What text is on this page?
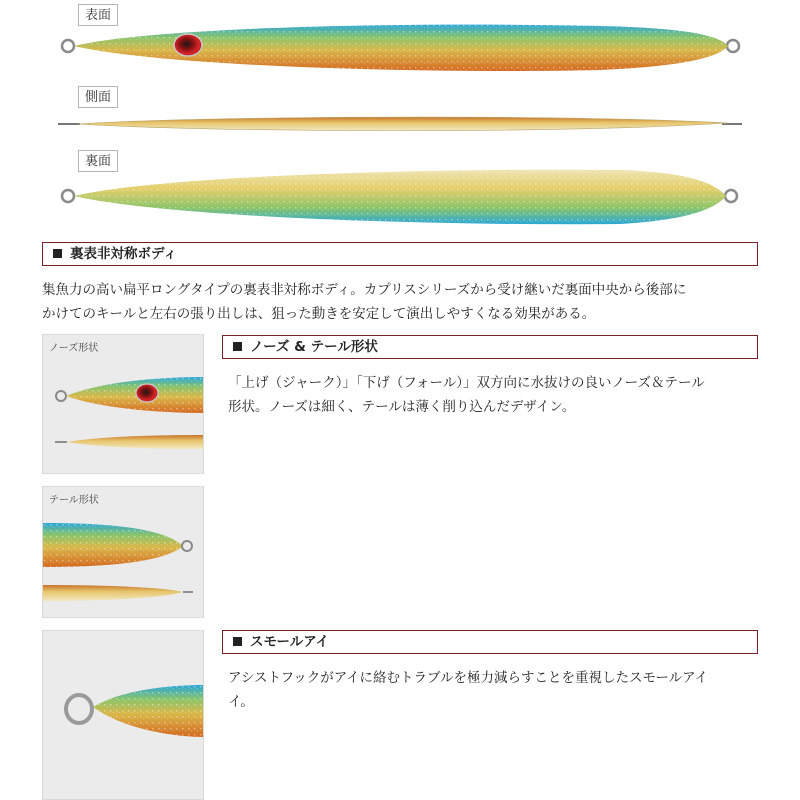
表面
側面
裏面
裏表非対称ボディ
集魚力の高い扁平ロングタイプの裏表非対称ボディ。カプリスシリーズから受け継いだ裏面中央から後部に
かけてのキールと左右の張り出しは、狙った動きを安定して演出しやすくなる効果がある。
ノーズ形状
テール形状
ノーズ & テール形状
「上げ（ジャーク）」「下げ（フォール）」双方向に水抜けの良いノーズ＆テール
形状。ノーズは細く、テールは薄く削り込んだデザイン。
スモールアイ
アシストフックがアイに絡むトラブルを極力減らすことを重視したスモールアイ
イ。
